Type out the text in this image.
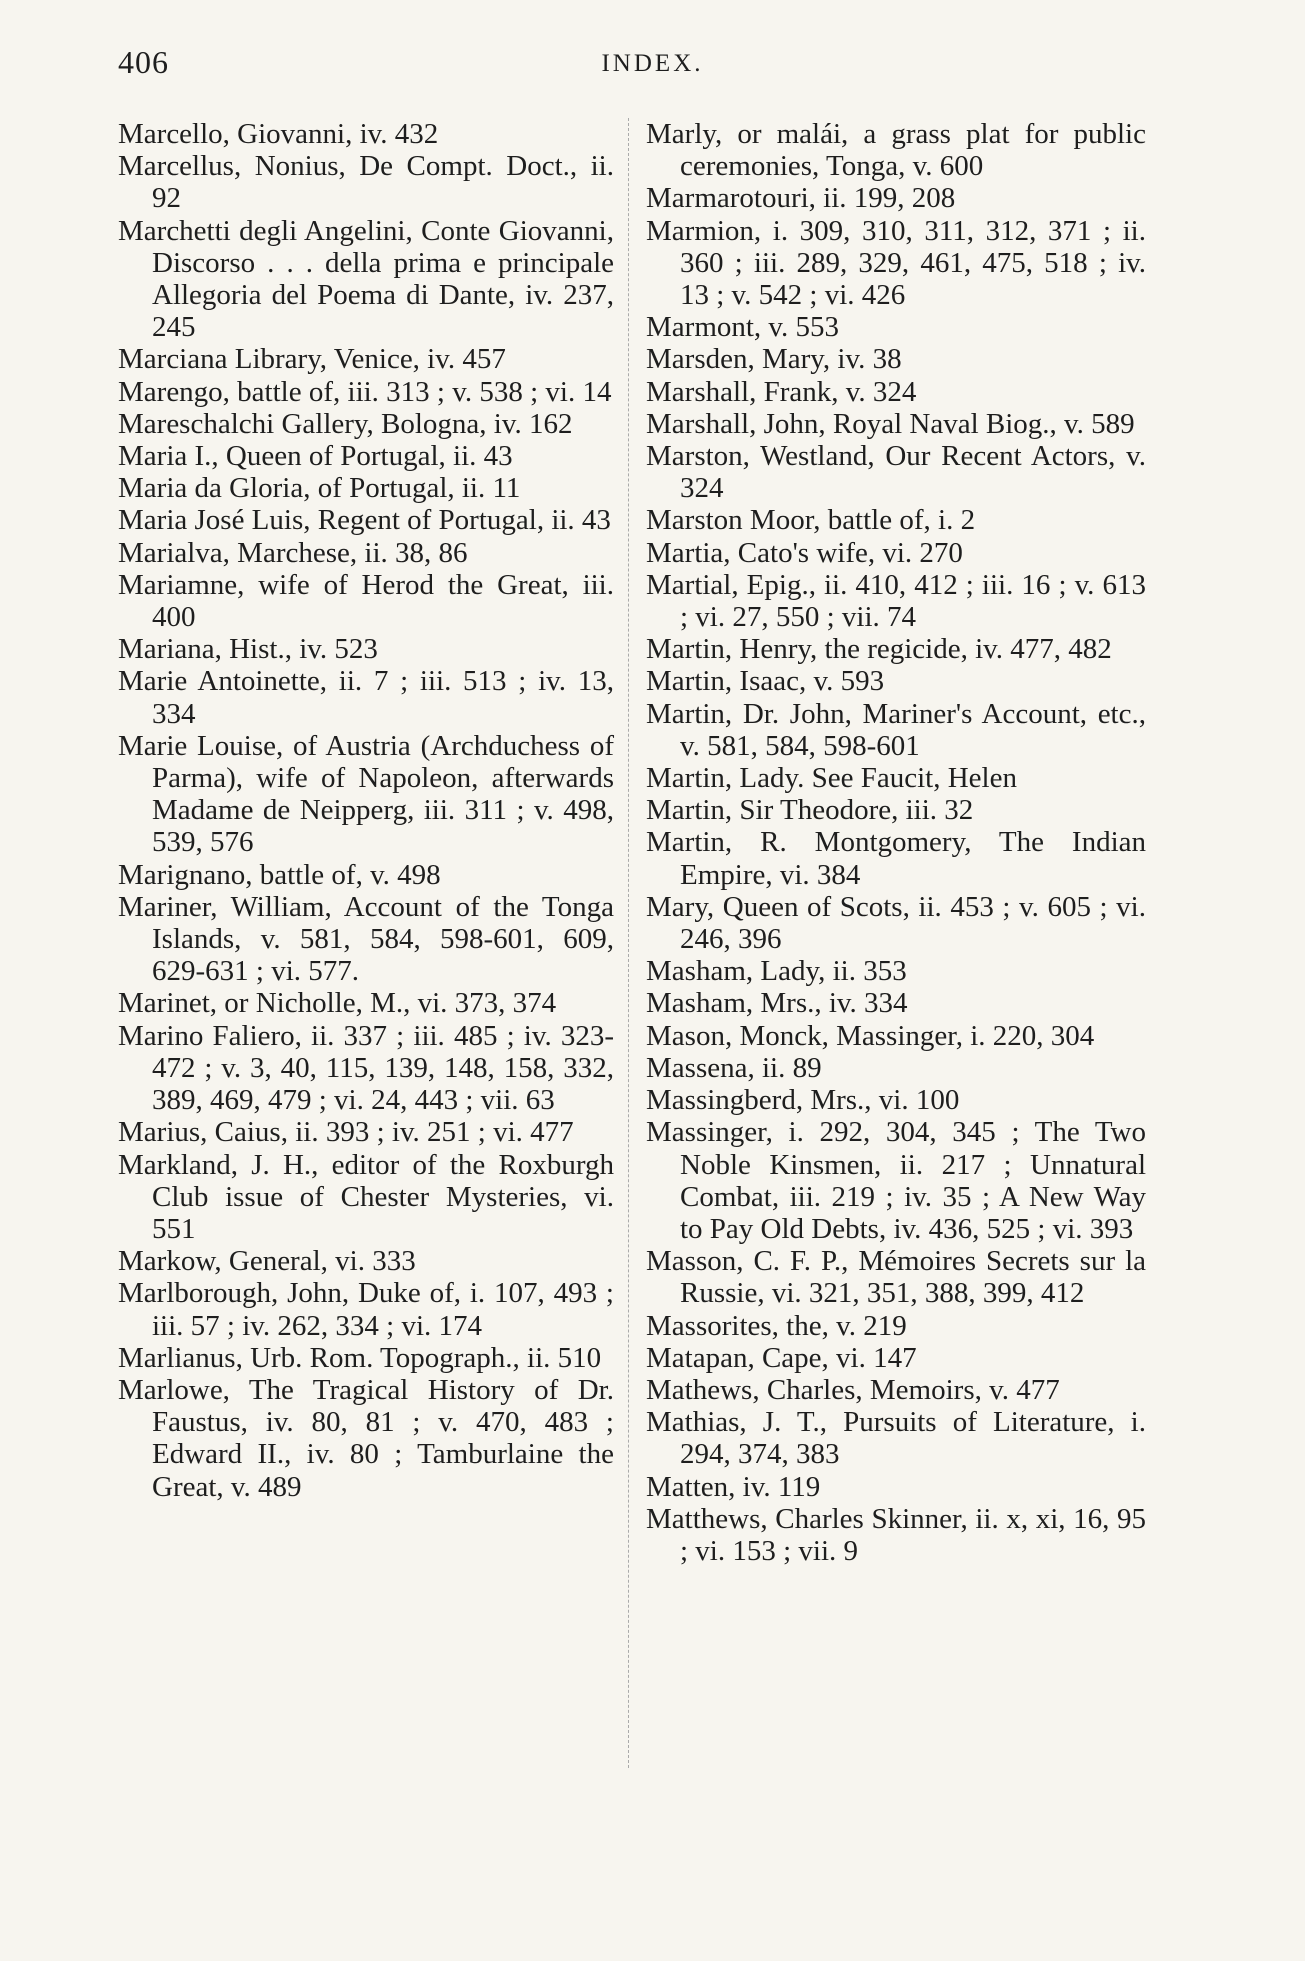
406	INDEX.
Marcello, Giovanni, iv. 432
Marcellus, Nonius, De Compt. Doct., ii. 92
Marchetti degli Angelini, Conte Giovanni, Discorso . . . della prima e principale Allegoria del Poema di Dante, iv. 237, 245
Marciana Library, Venice, iv. 457
Marengo, battle of, iii. 313 ; v. 538 ; vi. 14
Mareschalchi Gallery, Bologna, iv. 162
Maria I., Queen of Portugal, ii. 43
Maria da Gloria, of Portugal, ii. 11
Maria José Luis, Regent of Portugal, ii. 43
Marialva, Marchese, ii. 38, 86
Mariamne, wife of Herod the Great, iii. 400
Mariana, Hist., iv. 523
Marie Antoinette, ii. 7 ; iii. 513 ; iv. 13, 334
Marie Louise, of Austria (Archduchess of Parma), wife of Napoleon, afterwards Madame de Neipperg, iii. 311 ; v. 498, 539, 576
Marignano, battle of, v. 498
Mariner, William, Account of the Tonga Islands, v. 581, 584, 598-601, 609, 629-631 ; vi. 577.
Marinet, or Nicholle, M., vi. 373, 374
Marino Faliero, ii. 337 ; iii. 485 ; iv. 323-472 ; v. 3, 40, 115, 139, 148, 158, 332, 389, 469, 479 ; vi. 24, 443 ; vii. 63
Marius, Caius, ii. 393 ; iv. 251 ; vi. 477
Markland, J. H., editor of the Roxburgh Club issue of Chester Mysteries, vi. 551
Markow, General, vi. 333
Marlborough, John, Duke of, i. 107, 493 ; iii. 57 ; iv. 262, 334 ; vi. 174
Marlianus, Urb. Rom. Topograph., ii. 510
Marlowe, The Tragical History of Dr. Faustus, iv. 80, 81 ; v. 470, 483 ; Edward II., iv. 80 ; Tamburlaine the Great, v. 489
Marly, or malái, a grass plat for public ceremonies, Tonga, v. 600
Marmarotouri, ii. 199, 208
Marmion, i. 309, 310, 311, 312, 371 ; ii. 360 ; iii. 289, 329, 461, 475, 518 ; iv. 13 ; v. 542 ; vi. 426
Marmont, v. 553
Marsden, Mary, iv. 38
Marshall, Frank, v. 324
Marshall, John, Royal Naval Biog., v. 589
Marston, Westland, Our Recent Actors, v. 324
Marston Moor, battle of, i. 2
Martia, Cato's wife, vi. 270
Martial, Epig., ii. 410, 412 ; iii. 16 ; v. 613 ; vi. 27, 550 ; vii. 74
Martin, Henry, the regicide, iv. 477, 482
Martin, Isaac, v. 593
Martin, Dr. John, Mariner's Account, etc., v. 581, 584, 598-601
Martin, Lady. See Faucit, Helen
Martin, Sir Theodore, iii. 32
Martin, R. Montgomery, The Indian Empire, vi. 384
Mary, Queen of Scots, ii. 453 ; v. 605 ; vi. 246, 396
Masham, Lady, ii. 353
Masham, Mrs., iv. 334
Mason, Monck, Massinger, i. 220, 304
Massena, ii. 89
Massingberd, Mrs., vi. 100
Massinger, i. 292, 304, 345 ; The Two Noble Kinsmen, ii. 217 ; Unnatural Combat, iii. 219 ; iv. 35 ; A New Way to Pay Old Debts, iv. 436, 525 ; vi. 393
Masson, C. F. P., Mémoires Secrets sur la Russie, vi. 321, 351, 388, 399, 412
Massorites, the, v. 219
Matapan, Cape, vi. 147
Mathews, Charles, Memoirs, v. 477
Mathias, J. T., Pursuits of Literature, i. 294, 374, 383
Matten, iv. 119
Matthews, Charles Skinner, ii. x, xi, 16, 95 ; vi. 153 ; vii. 9
